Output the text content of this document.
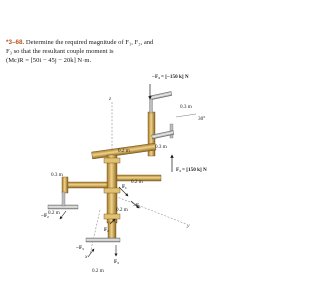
*3–68. Determine the required magnitude of F₁, F₂, and
F₃ so that the resultant couple moment is
(Mc)R = [50i − 45j − 20k] N·m.

z
y
x
−F₄ = [−150 k] N
F₄ = [150 k] N
F₁
−F₁
−F₂
F₂
−F₃
F₃
0.3 m
30°
0.3 m
0.2 m
0.2 m
0.3 m
0.2 m	0.2 m
0.2 m
